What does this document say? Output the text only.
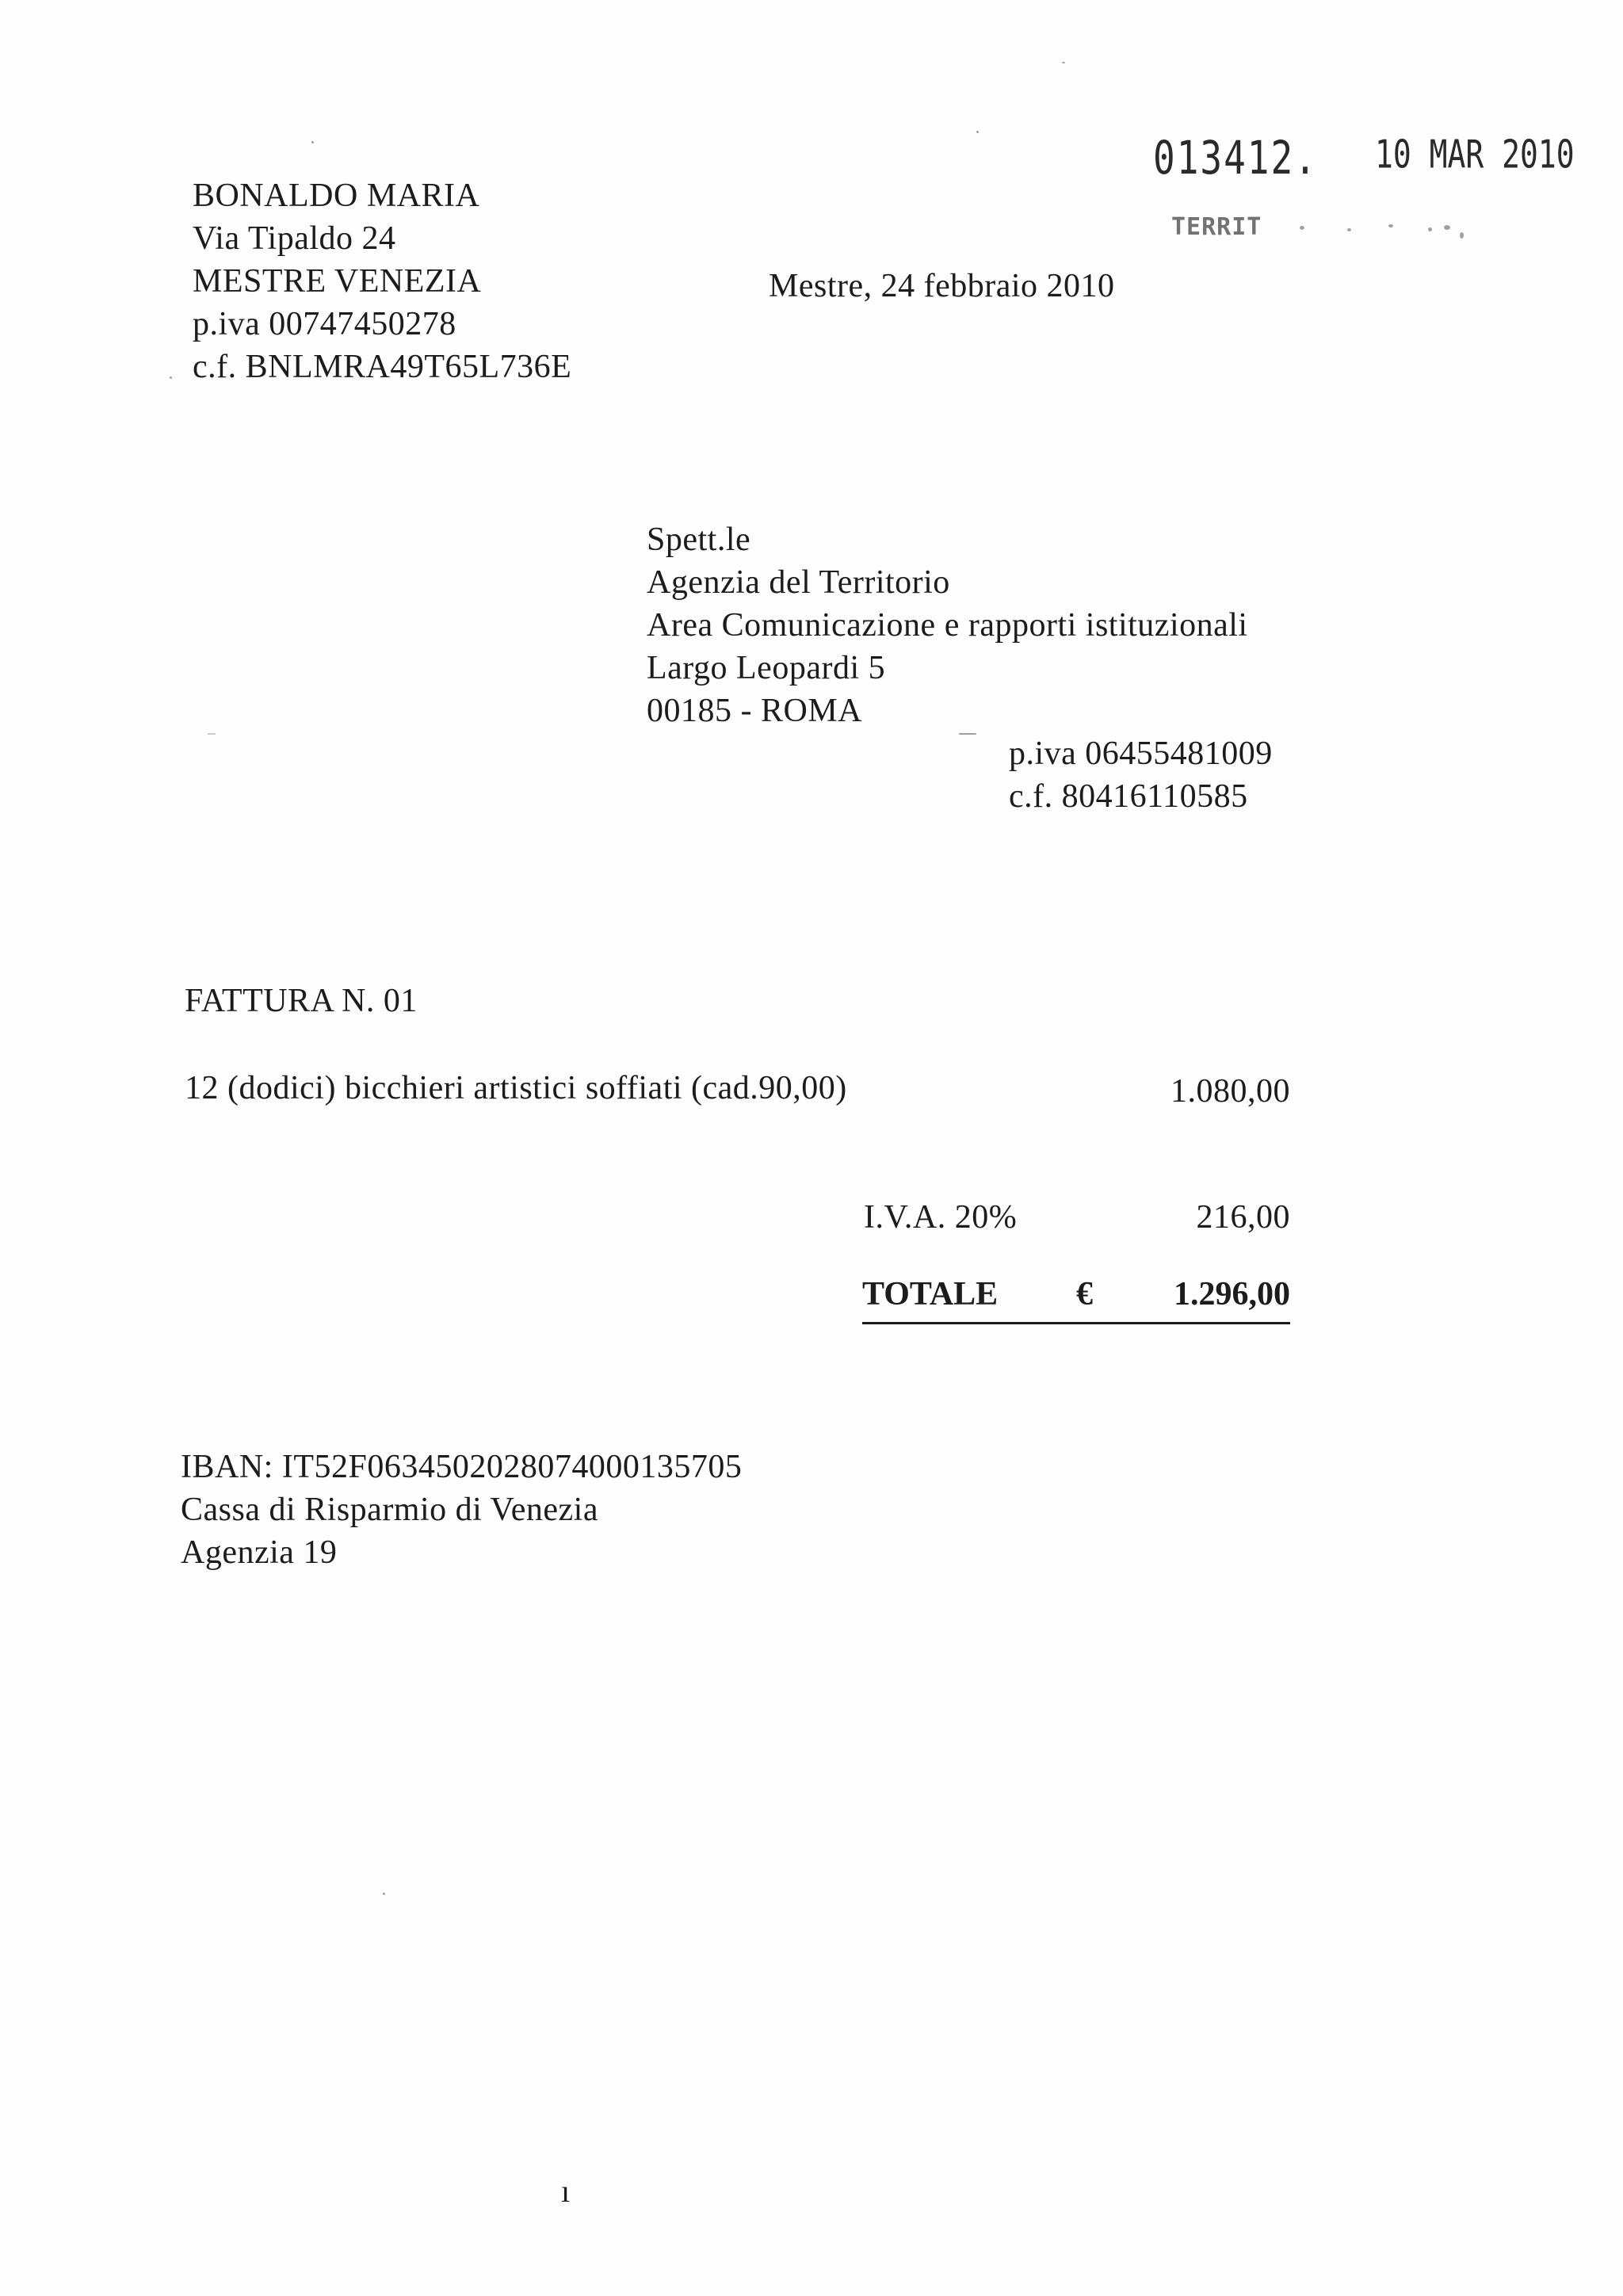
013412. 10 MAR 2010
TERRIT
BONALDO MARIA
Via Tipaldo 24
MESTRE VENEZIA
p.iva 00747450278
c.f. BNLMRA49T65L736E
Mestre, 24 febbraio 2010
Spett.le
Agenzia del Territorio
Area Comunicazione e rapporti istituzionali
Largo Leopardi 5
00185 - ROMA
p.iva 06455481009
c.f. 80416110585
FATTURA N. 01
12 (dodici) bicchieri artistici soffiati (cad.90,00)	1.080,00
I.V.A. 20%	216,00
TOTALE € 1.296,00
IBAN: IT52F0634502028074000135705
Cassa di Risparmio di Venezia
Agenzia 19
ı
